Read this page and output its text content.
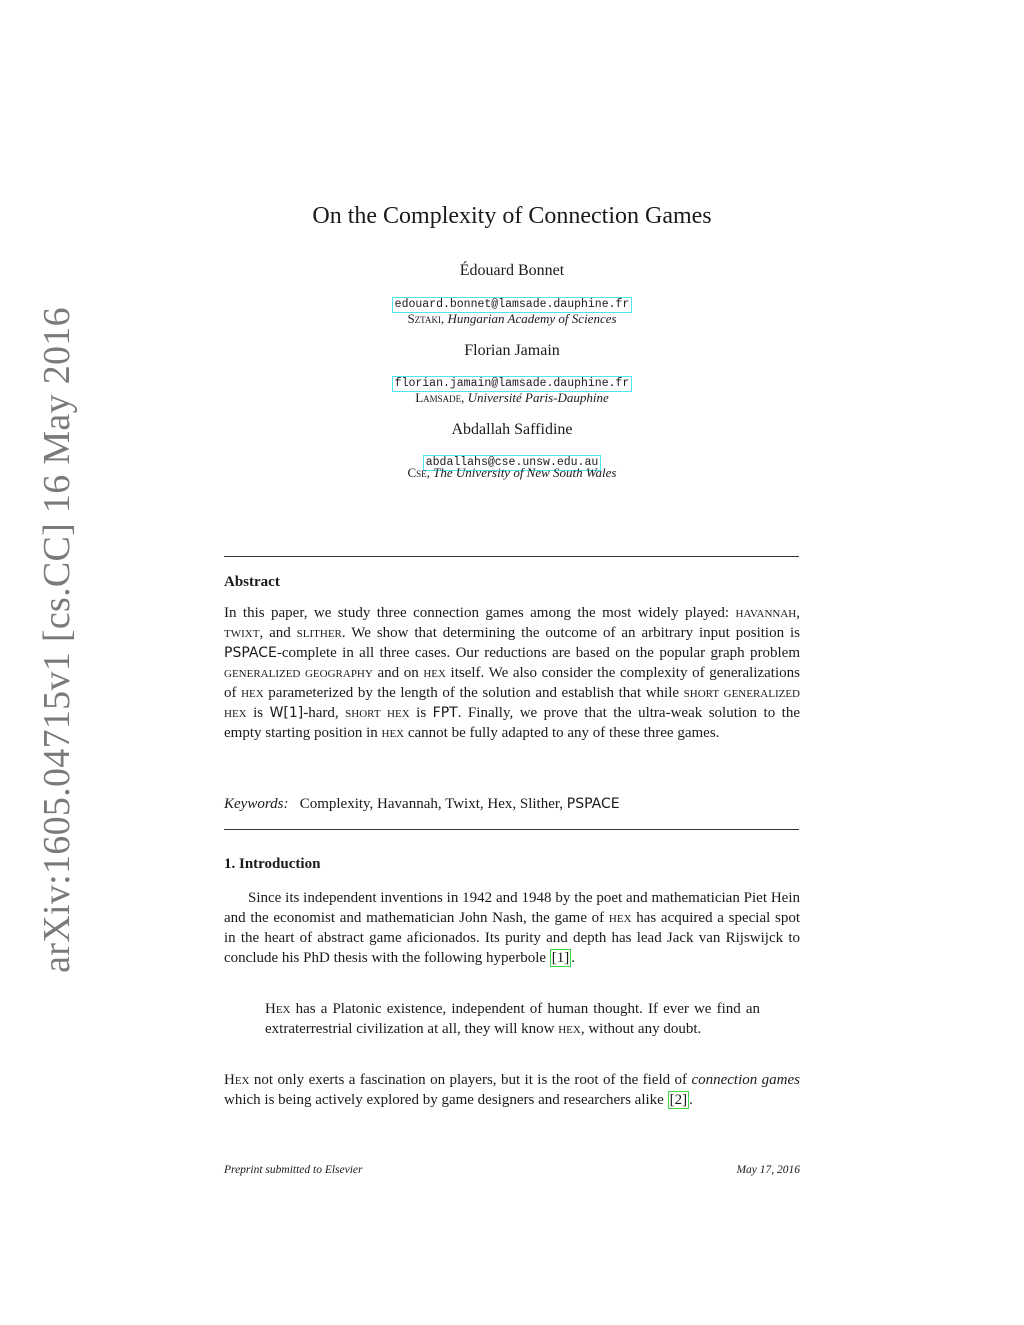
arXiv:1605.04715v1 [cs.CC] 16 May 2016
On the Complexity of Connection Games
Édouard Bonnet
edouard.bonnet@lamsade.dauphine.fr
Sztaki, Hungarian Academy of Sciences
Florian Jamain
florian.jamain@lamsade.dauphine.fr
Lamsade, Université Paris-Dauphine
Abdallah Saffidine
abdallahs@cse.unsw.edu.au
Cse, The University of New South Wales
Abstract

In this paper, we study three connection games among the most widely played: havannah, twixt, and slither. We show that determining the outcome of an arbitrary input position is PSPACE-complete in all three cases. Our reductions are based on the popular graph problem generalized geography and on hex itself. We also consider the complexity of generalizations of hex parameterized by the length of the solution and establish that while short generalized hex is W[1]-hard, short hex is FPT. Finally, we prove that the ultra-weak solution to the empty starting position in hex cannot be fully adapted to any of these three games.

Keywords: Complexity, Havannah, Twixt, Hex, Slither, PSPACE
1. Introduction

Since its independent inventions in 1942 and 1948 by the poet and mathematician Piet Hein and the economist and mathematician John Nash, the game of hex has acquired a special spot in the heart of abstract game aficionados. Its purity and depth has lead Jack van Rijswijck to conclude his PhD thesis with the following hyperbole [1] .

Hex has a Platonic existence, independent of human thought. If ever we find an extraterrestrial civilization at all, they will know hex, without any doubt.

Hex not only exerts a fascination on players, but it is the root of the field of connection games which is being actively explored by game designers and researchers alike [2] .

Preprint submitted to Elsevier	May 17, 2016
